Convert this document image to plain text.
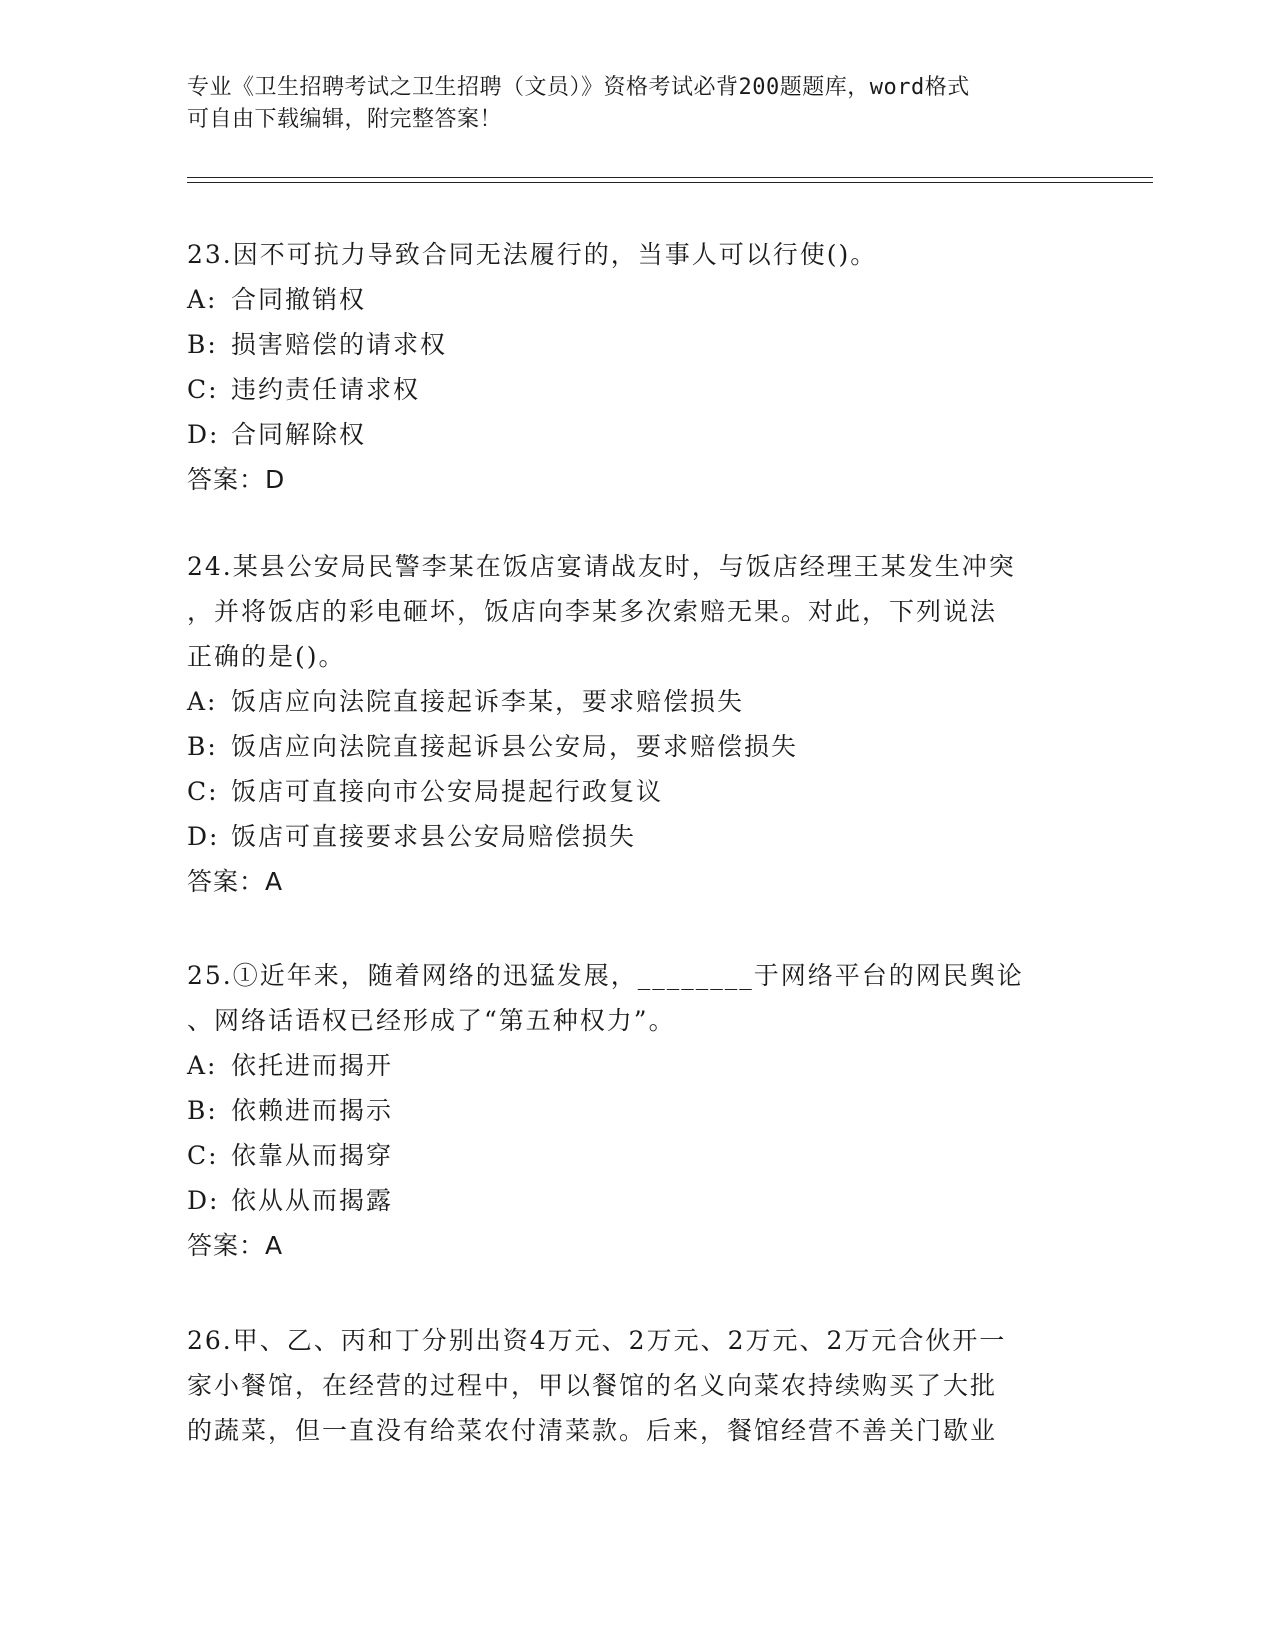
专业《卫生招聘考试之卫生招聘（文员）》资格考试必背200题题库，word格式
可自由下载编辑，附完整答案！
23.因不可抗力导致合同无法履行的，当事人可以行使()。
A: 合同撤销权
B: 损害赔偿的请求权
C: 违约责任请求权
D: 合同解除权
答案：D
24.某县公安局民警李某在饭店宴请战友时，与饭店经理王某发生冲突
，并将饭店的彩电砸坏，饭店向李某多次索赔无果。对此，下列说法
正确的是()。
A: 饭店应向法院直接起诉李某，要求赔偿损失
B: 饭店应向法院直接起诉县公安局，要求赔偿损失
C: 饭店可直接向市公安局提起行政复议
D: 饭店可直接要求县公安局赔偿损失
答案：A
25.①近年来，随着网络的迅猛发展，________于网络平台的网民舆论
、网络话语权已经形成了“第五种权力”。
A: 依托进而揭开
B: 依赖进而揭示
C: 依靠从而揭穿
D: 依从从而揭露
答案：A
26.甲、乙、丙和丁分别出资4万元、2万元、2万元、2万元合伙开一
家小餐馆，在经营的过程中，甲以餐馆的名义向菜农持续购买了大批
的蔬菜，但一直没有给菜农付清菜款。后来，餐馆经营不善关门歇业
